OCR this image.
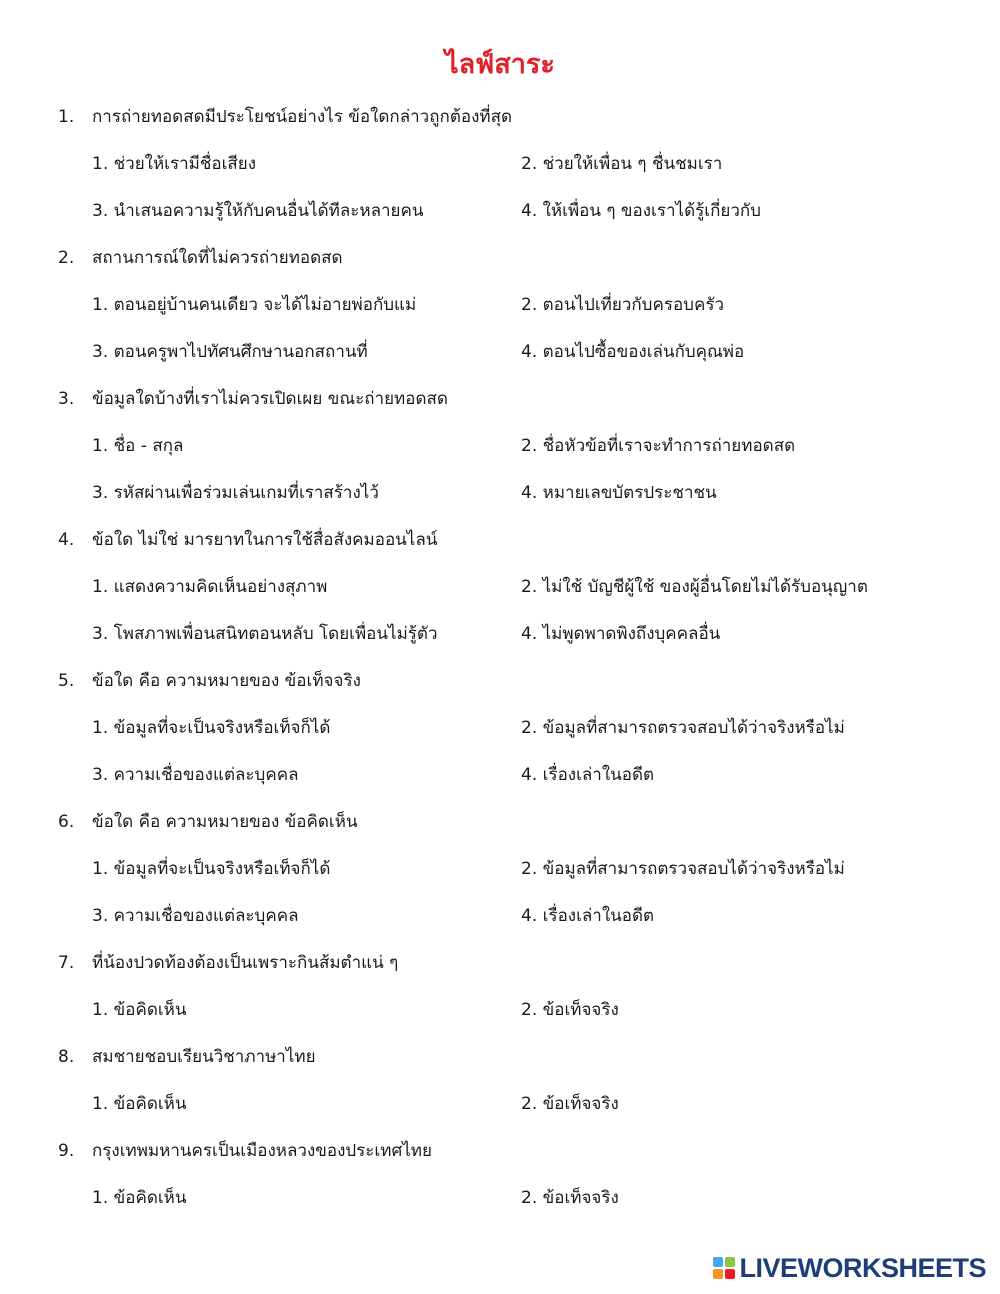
ไลฟ์สาระ
1. การถ่ายทอดสดมีประโยชน์อย่างไร ข้อใดกล่าวถูกต้องที่สุด
1. ช่วยให้เรามีชื่อเสียง	2. ช่วยให้เพื่อน ๆ ชื่นชมเรา
3. นำเสนอความรู้ให้กับคนอื่นได้ทีละหลายคน	4. ให้เพื่อน ๆ ของเราได้รู้เกี่ยวกับ
2. สถานการณ์ใดที่ไม่ควรถ่ายทอดสด
1. ตอนอยู่บ้านคนเดียว จะได้ไม่อายพ่อกับแม่	2. ตอนไปเที่ยวกับครอบครัว
3. ตอนครูพาไปทัศนศึกษานอกสถานที่	4. ตอนไปซื้อของเล่นกับคุณพ่อ
3. ข้อมูลใดบ้างที่เราไม่ควรเปิดเผย ขณะถ่ายทอดสด
1. ชื่อ - สกุล	2. ชื่อหัวข้อที่เราจะทำการถ่ายทอดสด
3. รหัสผ่านเพื่อร่วมเล่นเกมที่เราสร้างไว้	4. หมายเลขบัตรประชาชน
4. ข้อใด ไม่ใช่ มารยาทในการใช้สื่อสังคมออนไลน์
1. แสดงความคิดเห็นอย่างสุภาพ	2. ไม่ใช้ บัญชีผู้ใช้ ของผู้อื่นโดยไม่ได้รับอนุญาต
3. โพสภาพเพื่อนสนิทตอนหลับ โดยเพื่อนไม่รู้ตัว	4. ไม่พูดพาดพิงถึงบุคคลอื่น
5. ข้อใด คือ ความหมายของ ข้อเท็จจริง
1. ข้อมูลที่จะเป็นจริงหรือเท็จก็ได้	2. ข้อมูลที่สามารถตรวจสอบได้ว่าจริงหรือไม่
3. ความเชื่อของแต่ละบุคคล	4. เรื่องเล่าในอดีต
6. ข้อใด คือ ความหมายของ ข้อคิดเห็น
1. ข้อมูลที่จะเป็นจริงหรือเท็จก็ได้	2. ข้อมูลที่สามารถตรวจสอบได้ว่าจริงหรือไม่
3. ความเชื่อของแต่ละบุคคล	4. เรื่องเล่าในอดีต
7. ที่น้องปวดท้องต้องเป็นเพราะกินส้มตำแน่ ๆ
1. ข้อคิดเห็น	2. ข้อเท็จจริง
8. สมชายชอบเรียนวิชาภาษาไทย
1. ข้อคิดเห็น	2. ข้อเท็จจริง
9. กรุงเทพมหานครเป็นเมืองหลวงของประเทศไทย
1. ข้อคิดเห็น	2. ข้อเท็จจริง
LIVEWORKSHEETS
